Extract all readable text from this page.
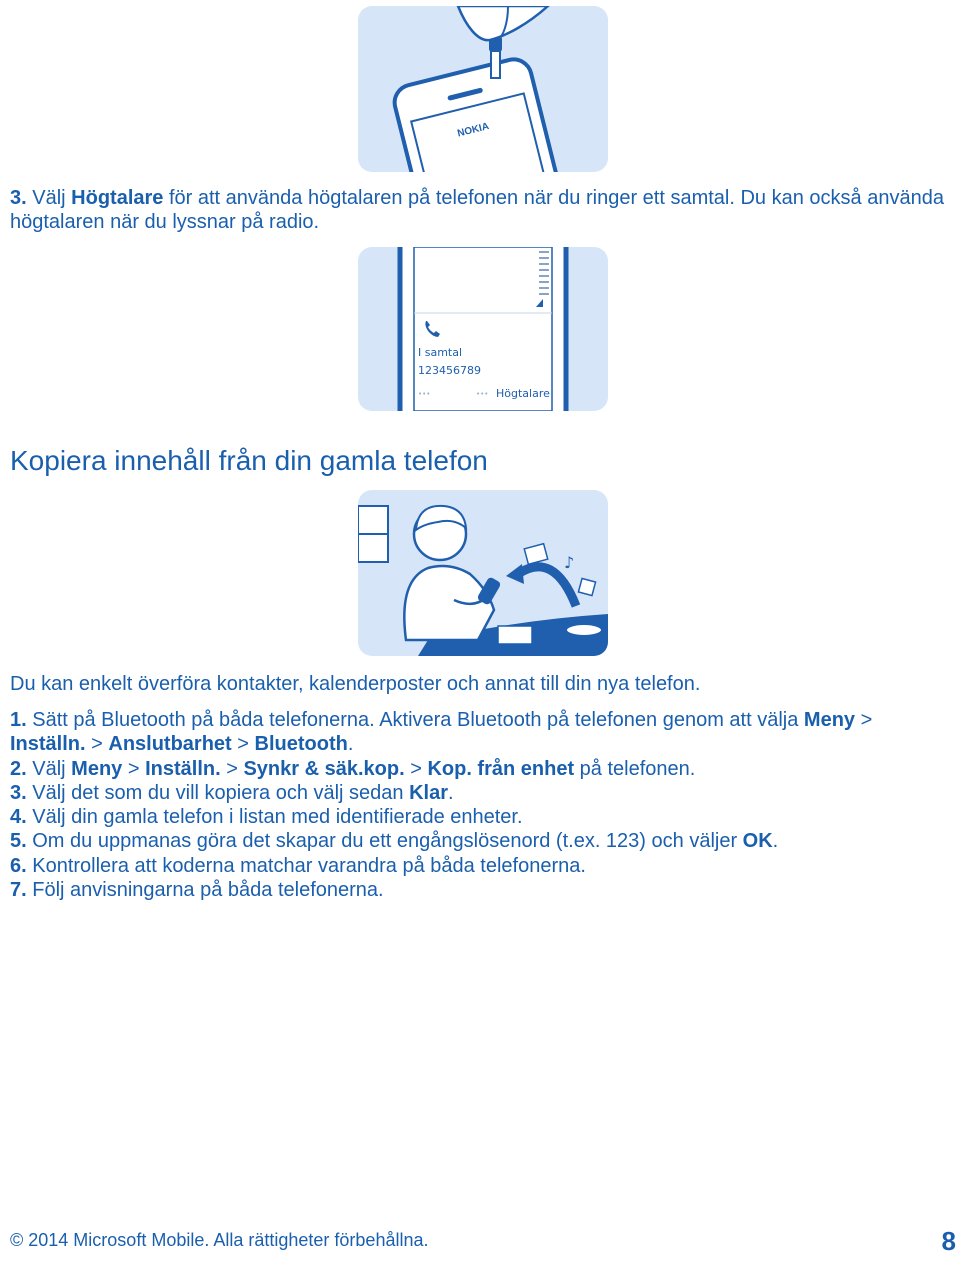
NOKIA

3. Välj Högtalare för att använda högtalaren på telefonen när du ringer ett samtal. Du kan också använda högtalaren när du lyssnar på radio.

I samtal
123456789
•••	••• Högtalare
Kopiera innehåll från din gamla telefon
♪

Du kan enkelt överföra kontakter, kalenderposter och annat till din nya telefon.

1. Sätt på Bluetooth på båda telefonerna. Aktivera Bluetooth på telefonen genom att välja Meny > Inställn. > Anslutbarhet > Bluetooth.
2. Välj Meny > Inställn. > Synkr & säk.kop. > Kop. från enhet på telefonen.
3. Välj det som du vill kopiera och välj sedan Klar.
4. Välj din gamla telefon i listan med identifierade enheter.
5. Om du uppmanas göra det skapar du ett engångslösenord (t.ex. 123) och väljer OK.
6. Kontrollera att koderna matchar varandra på båda telefonerna.
7. Följ anvisningarna på båda telefonerna.
© 2014 Microsoft Mobile. Alla rättigheter förbehållna.	8
